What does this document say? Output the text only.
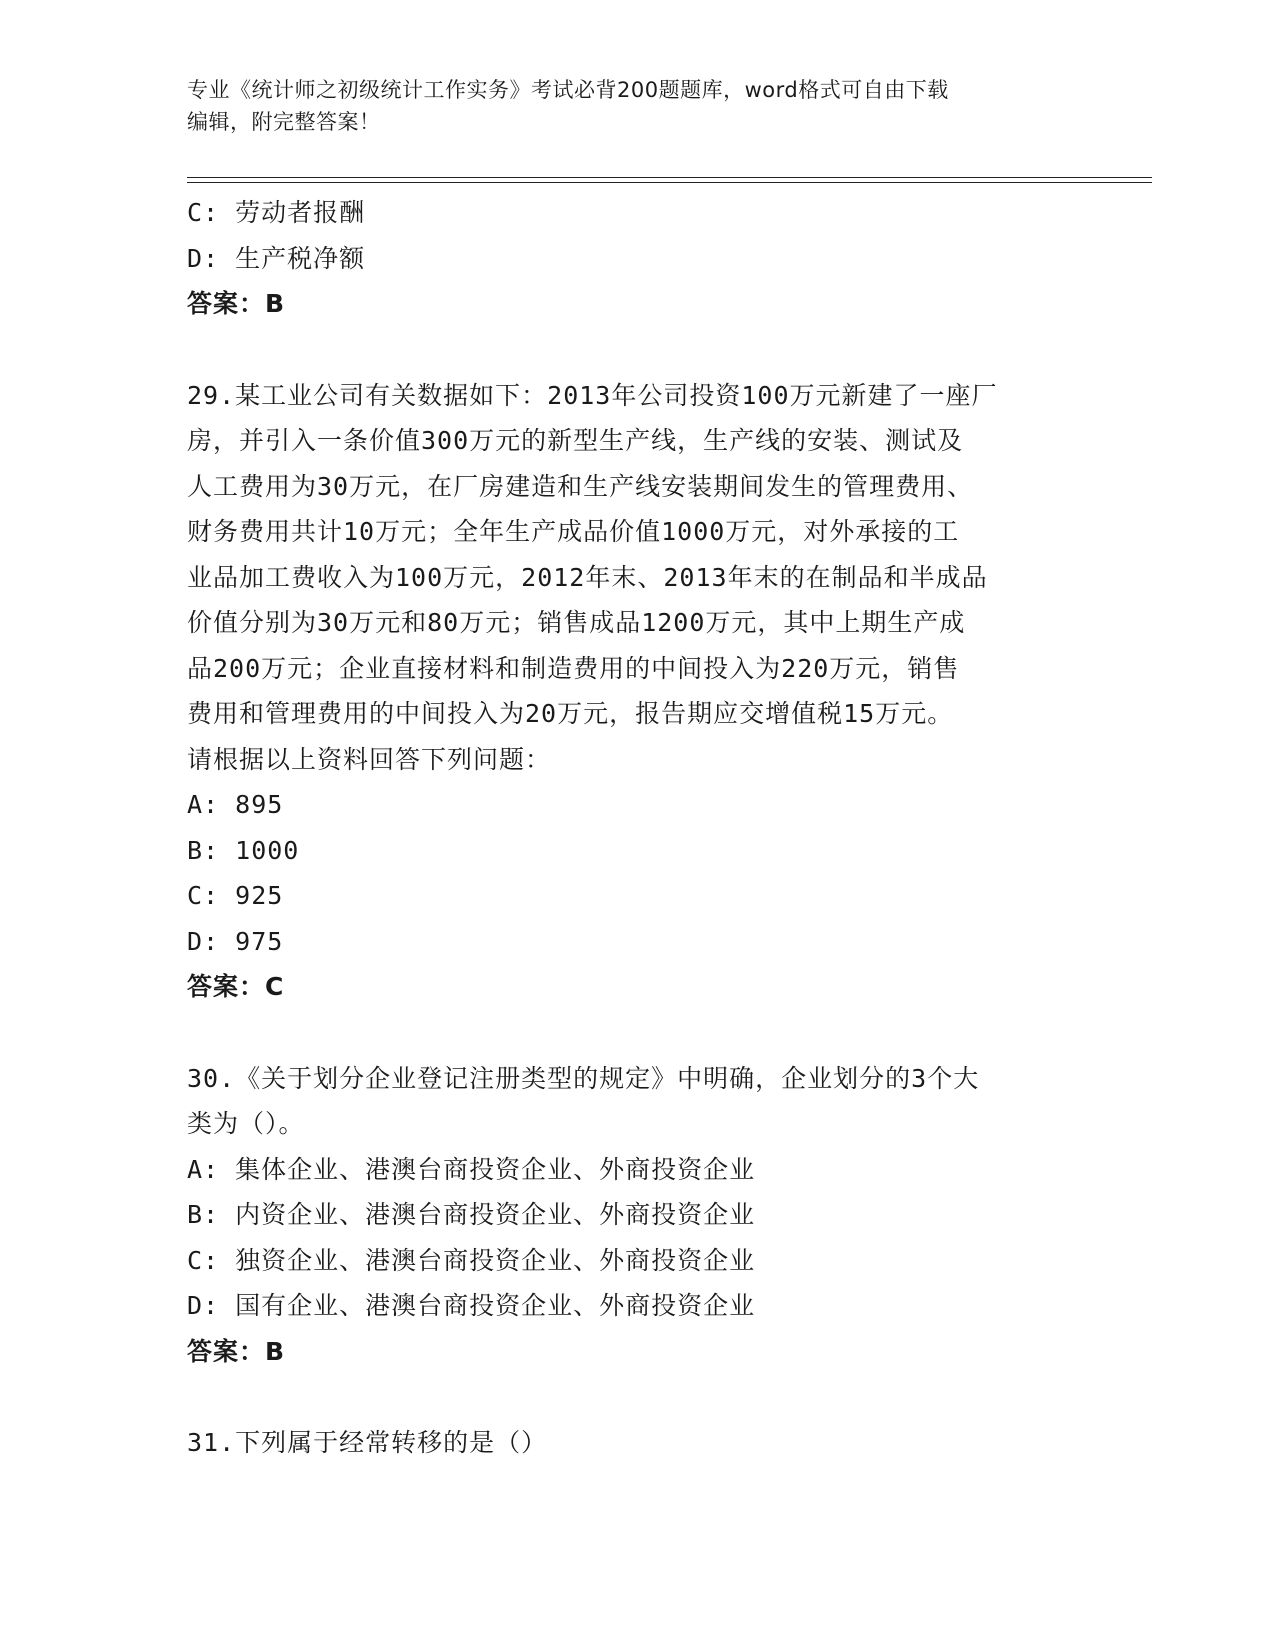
专业《统计师之初级统计工作实务》考试必背200题题库，word格式可自由下载
编辑，附完整答案！
C: 劳动者报酬
D: 生产税净额
答案：B
29.某工业公司有关数据如下：2013年公司投资100万元新建了一座厂
房，并引入一条价值300万元的新型生产线，生产线的安装、测试及
人工费用为30万元，在厂房建造和生产线安装期间发生的管理费用、
财务费用共计10万元；全年生产成品价值1000万元，对外承接的工
业品加工费收入为100万元，2012年末、2013年末的在制品和半成品
价值分别为30万元和80万元；销售成品1200万元，其中上期生产成
品200万元；企业直接材料和制造费用的中间投入为220万元，销售
费用和管理费用的中间投入为20万元，报告期应交增值税15万元。
请根据以上资料回答下列问题：
A: 895
B: 1000
C: 925
D: 975
答案：C
30.《关于划分企业登记注册类型的规定》中明确，企业划分的3个大
类为（）。
A: 集体企业、港澳台商投资企业、外商投资企业
B: 内资企业、港澳台商投资企业、外商投资企业
C: 独资企业、港澳台商投资企业、外商投资企业
D: 国有企业、港澳台商投资企业、外商投资企业
答案：B
31.下列属于经常转移的是（）
